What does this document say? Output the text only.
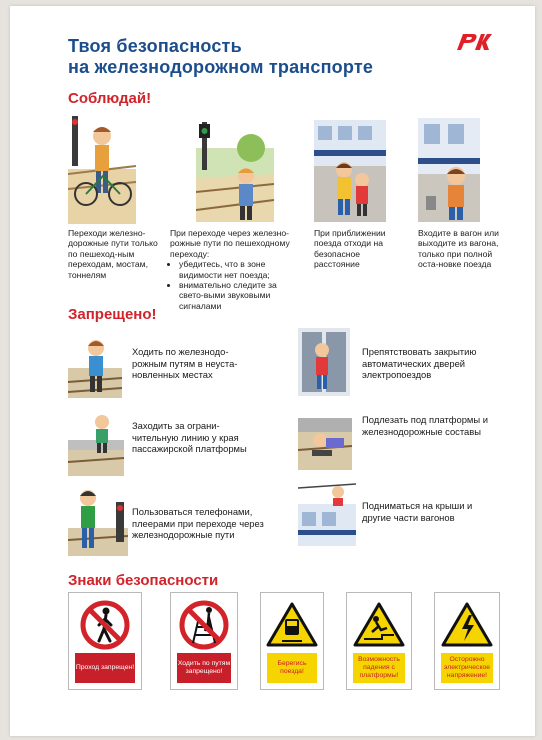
Твоя безопасность
на железнодорожном транспорте
Соблюдай!
Переходи железно-дорожные пути только по пешеход-ным переходам, мостам, тоннелям
При переходе через железно-рожные пути по пешеходному переходу:
• убедитесь, что в зоне видимости нет поезда;
• внимательно следите за свето-выми звуковыми сигналами
При приближении поезда отходи на безопасное расстояние
Входите в вагон или выходите из вагона, только при полной оста-новке поезда
Запрещено!
Ходить по железнодо-рожным путям в неуста-новленных местах
Препятствовать закрытию автоматических дверей электропоездов
Заходить за ограни-чительную линию у края пассажирской платформы
Подлезать под платформы и железнодорожные составы
Пользоваться телефонами, плеерами при переходе через железнодорожные пути
Подниматься на крыши и другие части вагонов
Знаки безопасности
Проход запрещен!
Ходить по путям запрещено!
Берегись поезда!
Возможность падения с платформы!
Осторожно электрическое напряжение!
